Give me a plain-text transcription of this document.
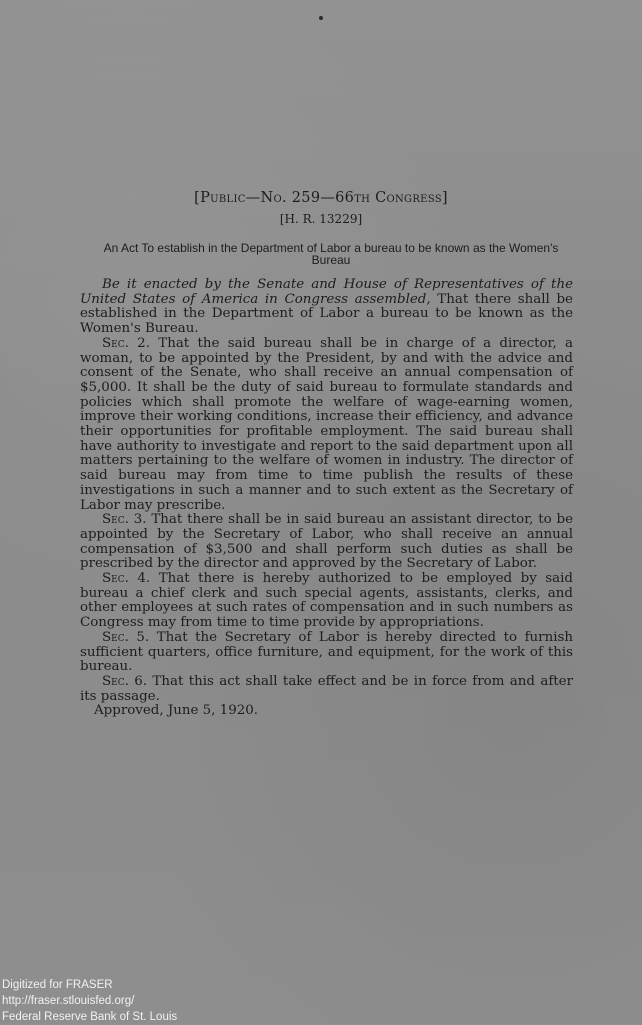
[Public—No. 259—66th Congress]
[H. R. 13229]
An Act To establish in the Department of Labor a bureau to be known as the Women's Bureau

Be it enacted by the Senate and House of Representatives of the United States of America in Congress assembled, That there shall be established in the Department of Labor a bureau to be known as the Women's Bureau.

Sec. 2. That the said bureau shall be in charge of a director, a woman, to be appointed by the President, by and with the advice and consent of the Senate, who shall receive an annual compensation of $5,000. It shall be the duty of said bureau to formulate standards and policies which shall promote the welfare of wage-earning women, improve their working conditions, increase their efficiency, and advance their opportunities for profitable employment. The said bureau shall have authority to investigate and report to the said department upon all matters pertaining to the welfare of women in industry. The director of said bureau may from time to time publish the results of these investigations in such a manner and to such extent as the Secretary of Labor may prescribe.

Sec. 3. That there shall be in said bureau an assistant director, to be appointed by the Secretary of Labor, who shall receive an annual compensation of $3,500 and shall perform such duties as shall be prescribed by the director and approved by the Secretary of Labor.

Sec. 4. That there is hereby authorized to be employed by said bureau a chief clerk and such special agents, assistants, clerks, and other employees at such rates of compensation and in such numbers as Congress may from time to time provide by appropriations.

Sec. 5. That the Secretary of Labor is hereby directed to furnish sufficient quarters, office furniture, and equipment, for the work of this bureau.

Sec. 6. That this act shall take effect and be in force from and after its passage.

Approved, June 5, 1920.

Digitized for FRASER
http://fraser.stlouisfed.org/
Federal Reserve Bank of St. Louis
